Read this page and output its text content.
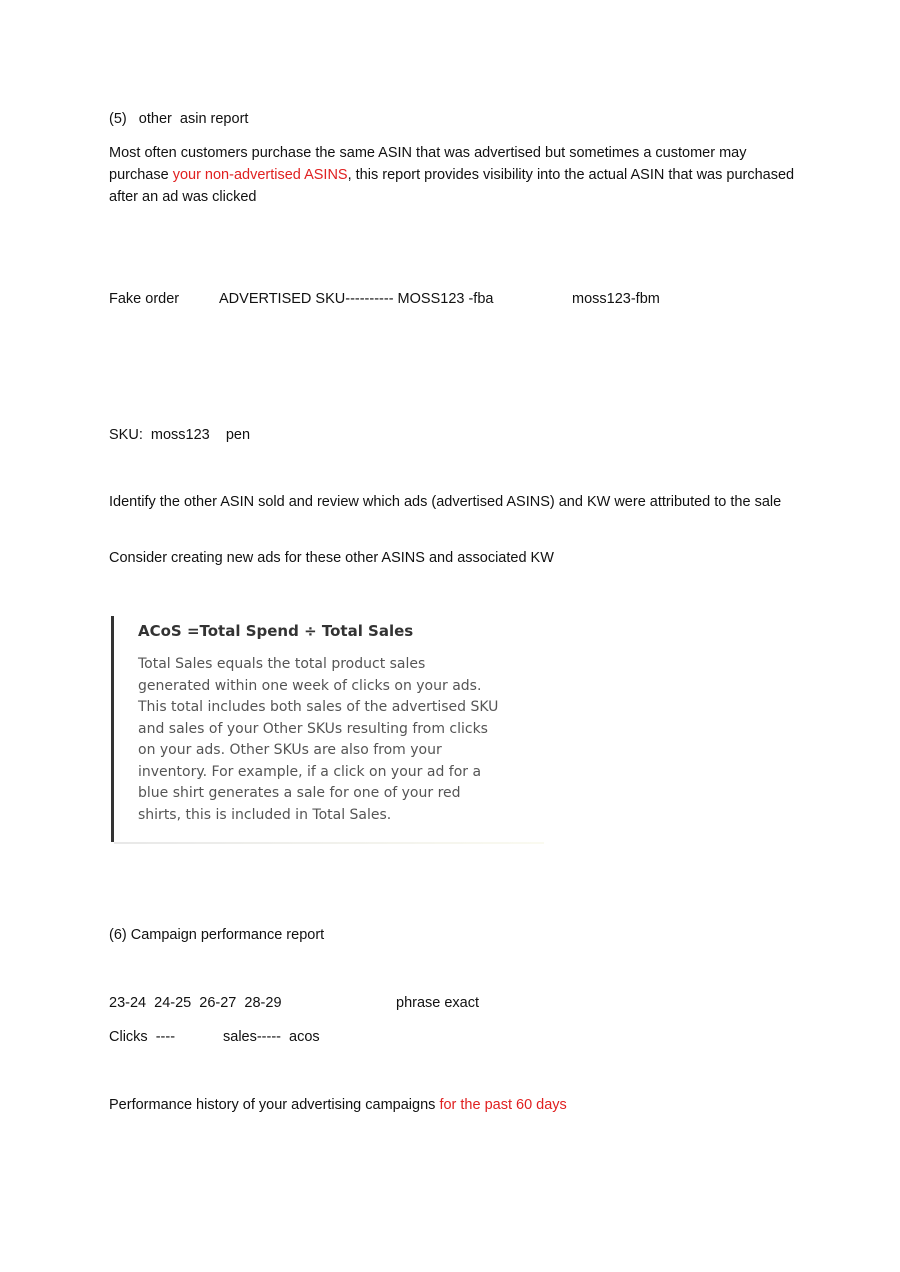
(5)   other  asin report
Most often customers purchase the same ASIN that was advertised but sometimes a customer may purchase your non-advertised ASINS, this report provides visibility into the actual ASIN that was purchased after an ad was clicked
Fake order	ADVERTISED SKU---------- MOSS123 -fba	moss123-fbm
SKU:  moss123    pen
Identify the other ASIN sold and review which ads (advertised ASINS) and KW were attributed to the sale
Consider creating new ads for these other ASINS and associated KW
ACoS =Total Spend ÷ Total Sales
Total Sales equals the total product sales
generated within one week of clicks on your ads.
This total includes both sales of the advertised SKU
and sales of your Other SKUs resulting from clicks
on your ads. Other SKUs are also from your
inventory. For example, if a click on your ad for a
blue shirt generates a sale for one of your red
shirts, this is included in Total Sales.
(6) Campaign performance report
23-24  24-25  26-27  28-29	phrase exact
Clicks  ----	sales-----  acos
Performance history of your advertising campaigns for the past 60 days
